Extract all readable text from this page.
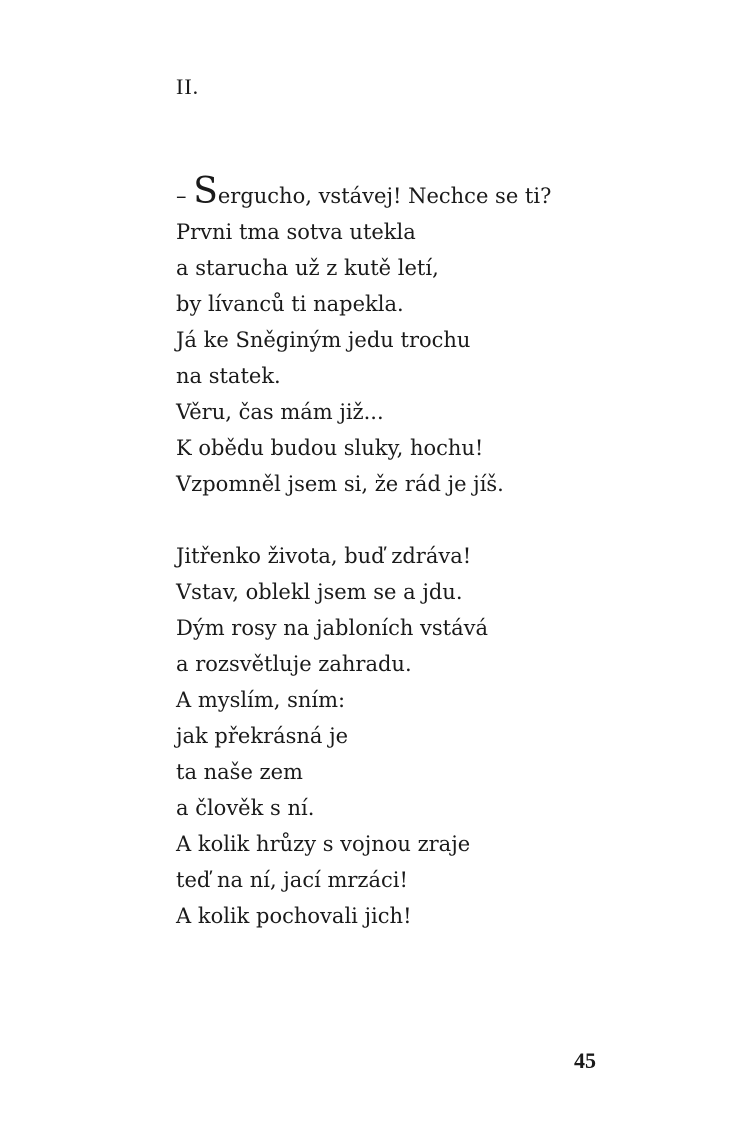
II.
– Sergucho, vstávej! Nechce se ti?
Prvni tma sotva utekla
a starucha už z kutě letí,
by lívanců ti napekla.
Já ke Sněginým jedu trochu
na statek.
Věru, čas mám již...
K obědu budou sluky, hochu!
Vzpomněl jsem si, že rád je jíš.
Jitřenko života, buď zdráva!
Vstav, oblekl jsem se a jdu.
Dým rosy na jabloních vstává
a rozsvětluje zahradu.
A myslím, sním:
jak překrásná je
ta naše zem
a člověk s ní.
A kolik hrůzy s vojnou zraje
teď na ní, jací mrzáci!
A kolik pochovali jich!
45
